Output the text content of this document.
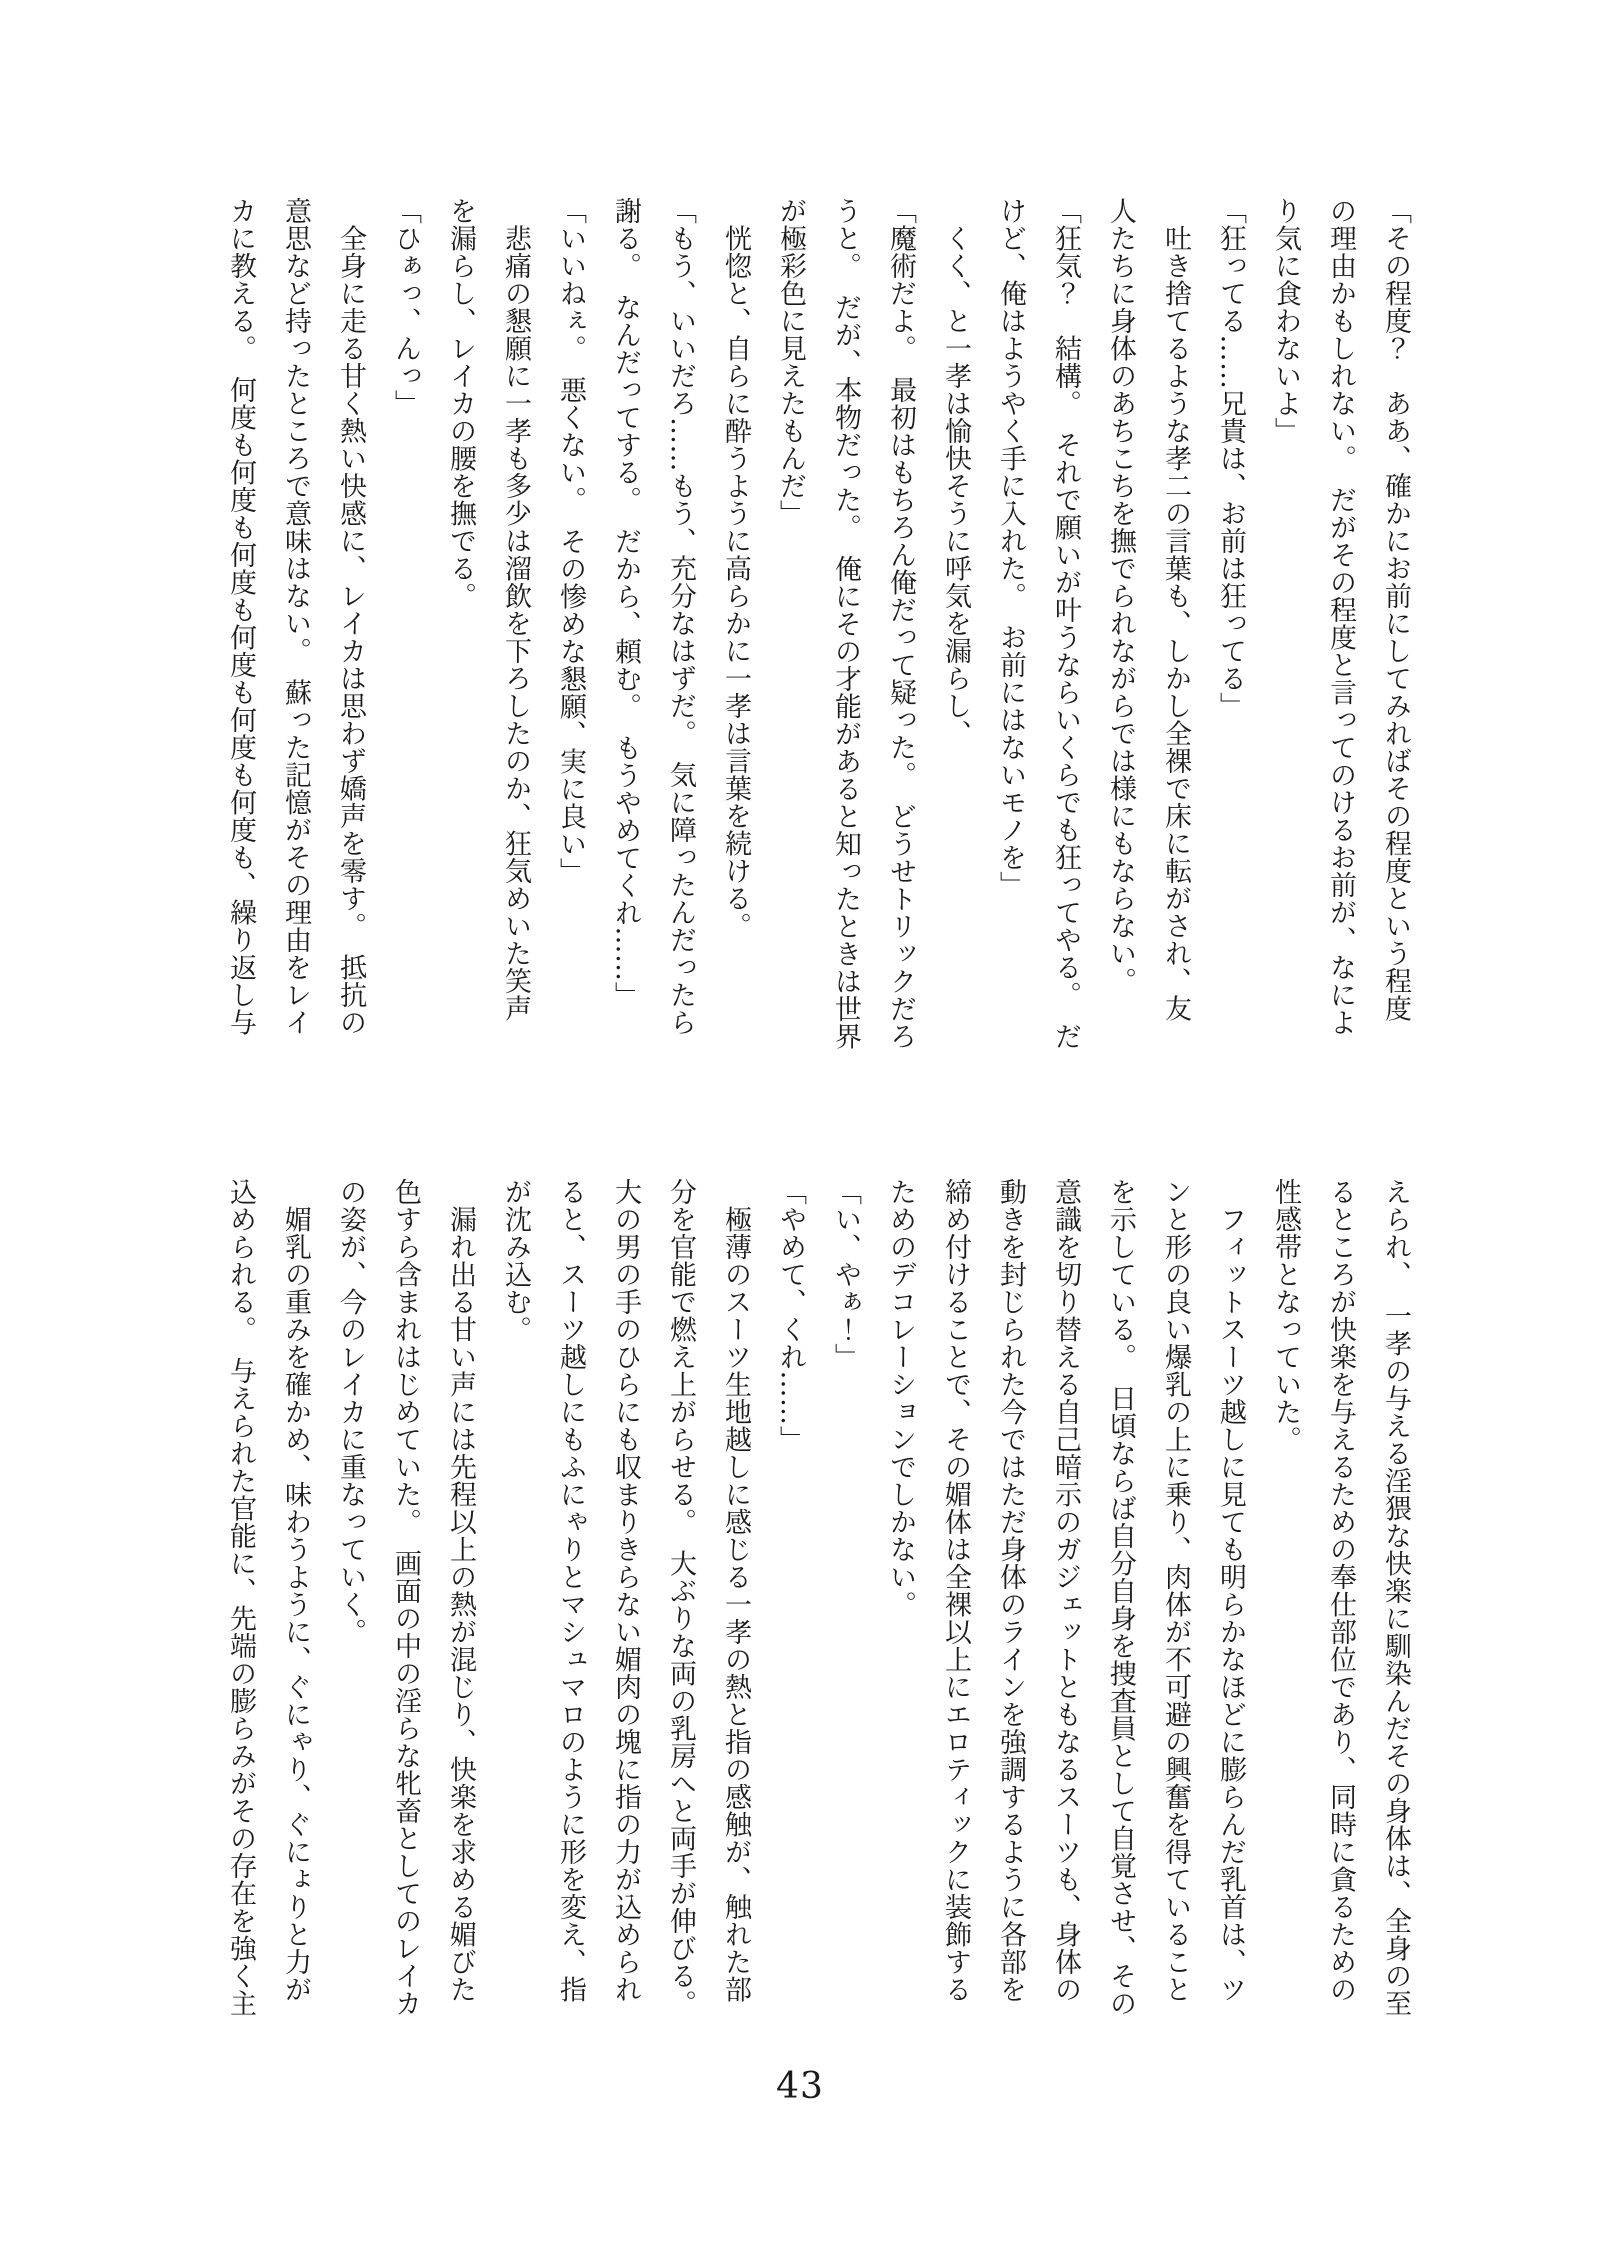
「その程度？　ああ、確かにお前にしてみればその程度という程度

の理由かもしれない。　だがその程度と言ってのけるお前が、なによ

り気に食わないよ」

「狂ってる……兄貴は、お前は狂ってる」

　吐き捨てるような孝二の言葉も、しかし全裸で床に転がされ、友

人たちに身体のあちこちを撫でられながらでは様にもならない。

「狂気？　結構。　それで願いが叶うならいくらでも狂ってやる。　だ

けど、俺はようやく手に入れた。　お前にはないモノを」

　くく、と一孝は愉快そうに呼気を漏らし、

「魔術だよ。　最初はもちろん俺だって疑った。　どうせトリックだろ

うと。　だが、本物だった。　俺にその才能があると知ったときは世界

が極彩色に見えたもんだ」

　恍惚と、自らに酔うように高らかに一孝は言葉を続ける。

「もう、いいだろ……もう、充分なはずだ。　気に障ったんだったら

謝る。　なんだってする。　だから、頼む。　もうやめてくれ……」

「いいねぇ。　悪くない。　その惨めな懇願、実に良い」

　悲痛の懇願に一孝も多少は溜飲を下ろしたのか、狂気めいた笑声

を漏らし、レイカの腰を撫でる。

「ひぁっ、んっ」

　全身に走る甘く熱い快感に、レイカは思わず嬌声を零す。　抵抗の

意思など持ったところで意味はない。　蘇った記憶がその理由をレイ

カに教える。　何度も何度も何度も何度も何度も何度も、繰り返し与

えられ、　一孝の与える淫猥な快楽に馴染んだその身体は、全身の至

るところが快楽を与えるための奉仕部位であり、同時に貪るための

性感帯となっていた。

　フィットスーツ越しに見ても明らかなほどに膨らんだ乳首は、ツ

ンと形の良い爆乳の上に乗り、肉体が不可避の興奮を得ていること

を示している。　日頃ならば自分自身を捜査員として自覚させ、その

意識を切り替える自己暗示のガジェットともなるスーツも、身体の

動きを封じられた今ではただ身体のラインを強調するように各部を

締め付けることで、その媚体は全裸以上にエロティックに装飾する

ためのデコレーションでしかない。

「い、やぁ！」

「やめて、くれ……」

　極薄のスーツ生地越しに感じる一孝の熱と指の感触が、触れた部

分を官能で燃え上がらせる。　大ぶりな両の乳房へと両手が伸びる。

大の男の手のひらにも収まりきらない媚肉の塊に指の力が込められ

ると、スーツ越しにもふにゃりとマシュマロのように形を変え、指

が沈み込む。

　漏れ出る甘い声には先程以上の熱が混じり、快楽を求める媚びた

色すら含まれはじめていた。　画面の中の淫らな牝畜としてのレイカ

の姿が、今のレイカに重なっていく。

　媚乳の重みを確かめ、味わうように、ぐにゃり、ぐにょりと力が

込められる。　与えられた官能に、先端の膨らみがその存在を強く主

43
